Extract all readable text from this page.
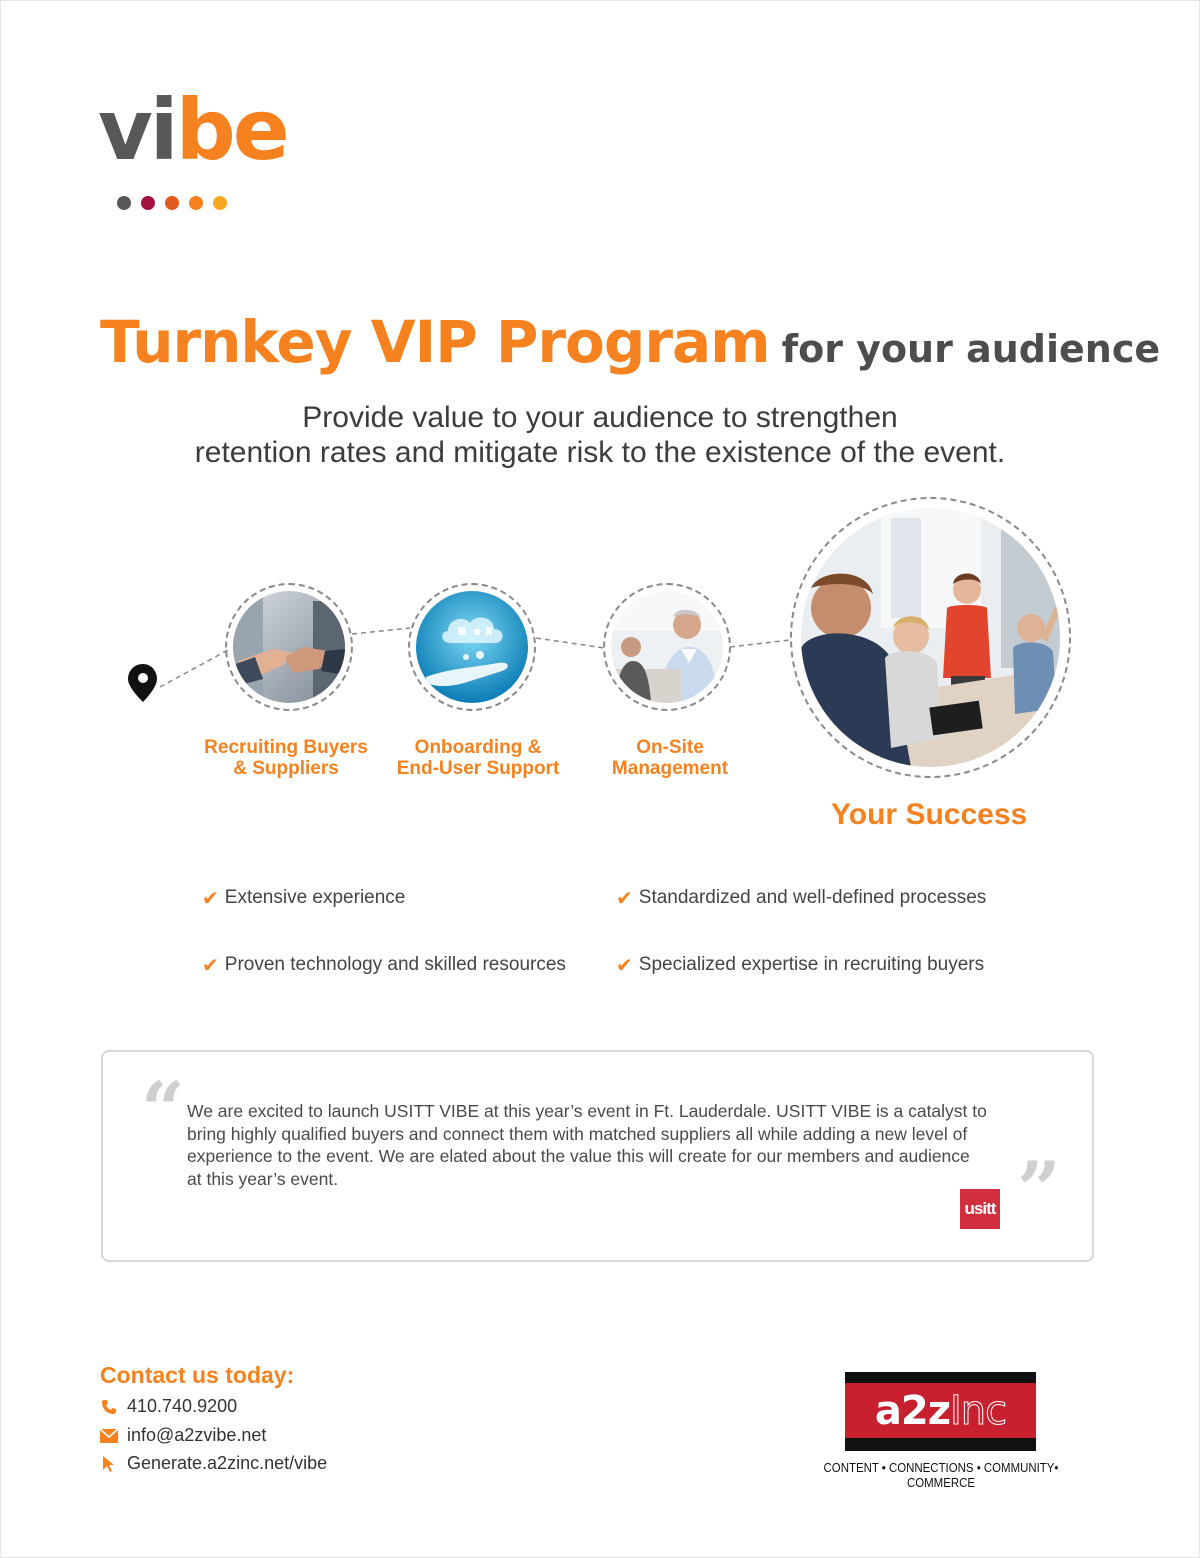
vibe
Turnkey VIP Program for your audience
Provide value to your audience to strengthen
retention rates and mitigate risk to the existence of the event.
Recruiting Buyers
& Suppliers
Onboarding &
End-User Support
On-Site
Management
Your Success
✔ Extensive experience	✔ Standardized and well-defined processes
✔ Proven technology and skilled resources	✔ Specialized expertise in recruiting buyers
“ We are excited to launch USITT VIBE at this year’s event in Ft. Lauderdale. USITT VIBE is a catalyst to
bring highly qualified buyers and connect them with matched suppliers all while adding a new level of
experience to the event. We are elated about the value this will create for our members and audience
at this year’s event.	”
usitt
Contact us today:
410.740.9200
info@a2zvibe.net
Generate.a2zinc.net/vibe
a2zInc
CONTENT • CONNECTIONS • COMMUNITY• COMMERCE
